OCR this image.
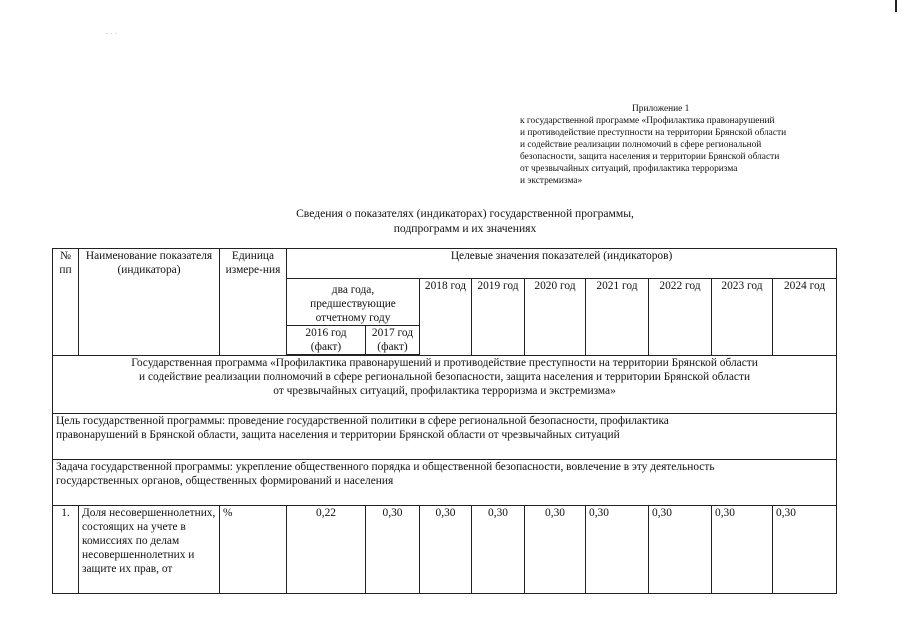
· · ·
Приложение 1
к государственной программе «Профилактика правонарушений
и противодействие преступности на территории Брянской области
и содействие реализации полномочий в сфере региональной
безопасности, защита населения и территории Брянской области
от чрезвычайных ситуаций, профилактика терроризма
и экстремизма»
Сведения о показателях (индикаторах) государственной программы,
подпрограмм и их значениях
№ пп	Наименование показателя (индикатора)	Единица измере-ния	Целевые значения показателей (индикаторов)								
			два года, предшествующие отчетному году		2018 год	2019 год	2020 год	2021 год	2022 год	2023 год	2024 год
			2016 год (факт)	2017 год (факт)							

Государственная программа «Профилактика правонарушений и противодействие преступности на территории Брянской области
и содействие реализации полномочий в сфере региональной безопасности, защита населения и территории Брянской области
от чрезвычайных ситуаций, профилактика терроризма и экстремизма»											

Цель государственной программы: проведение государственной политики в сфере региональной безопасности, профилактика
правонарушений в Брянской области, защита населения и территории Брянской области от чрезвычайных ситуаций											

Задача государственной программы: укрепление общественного порядка и общественной безопасности, вовлечение в эту деятельность
государственных органов, общественных формирований и населения											

1.	Доля несовершеннолетних, состоящих на учете в комиссиях по делам несовершеннолетних и защите их прав, от	%	0,22	0,30	0,30	0,30	0,30	0,30	0,30	0,30	0,30
